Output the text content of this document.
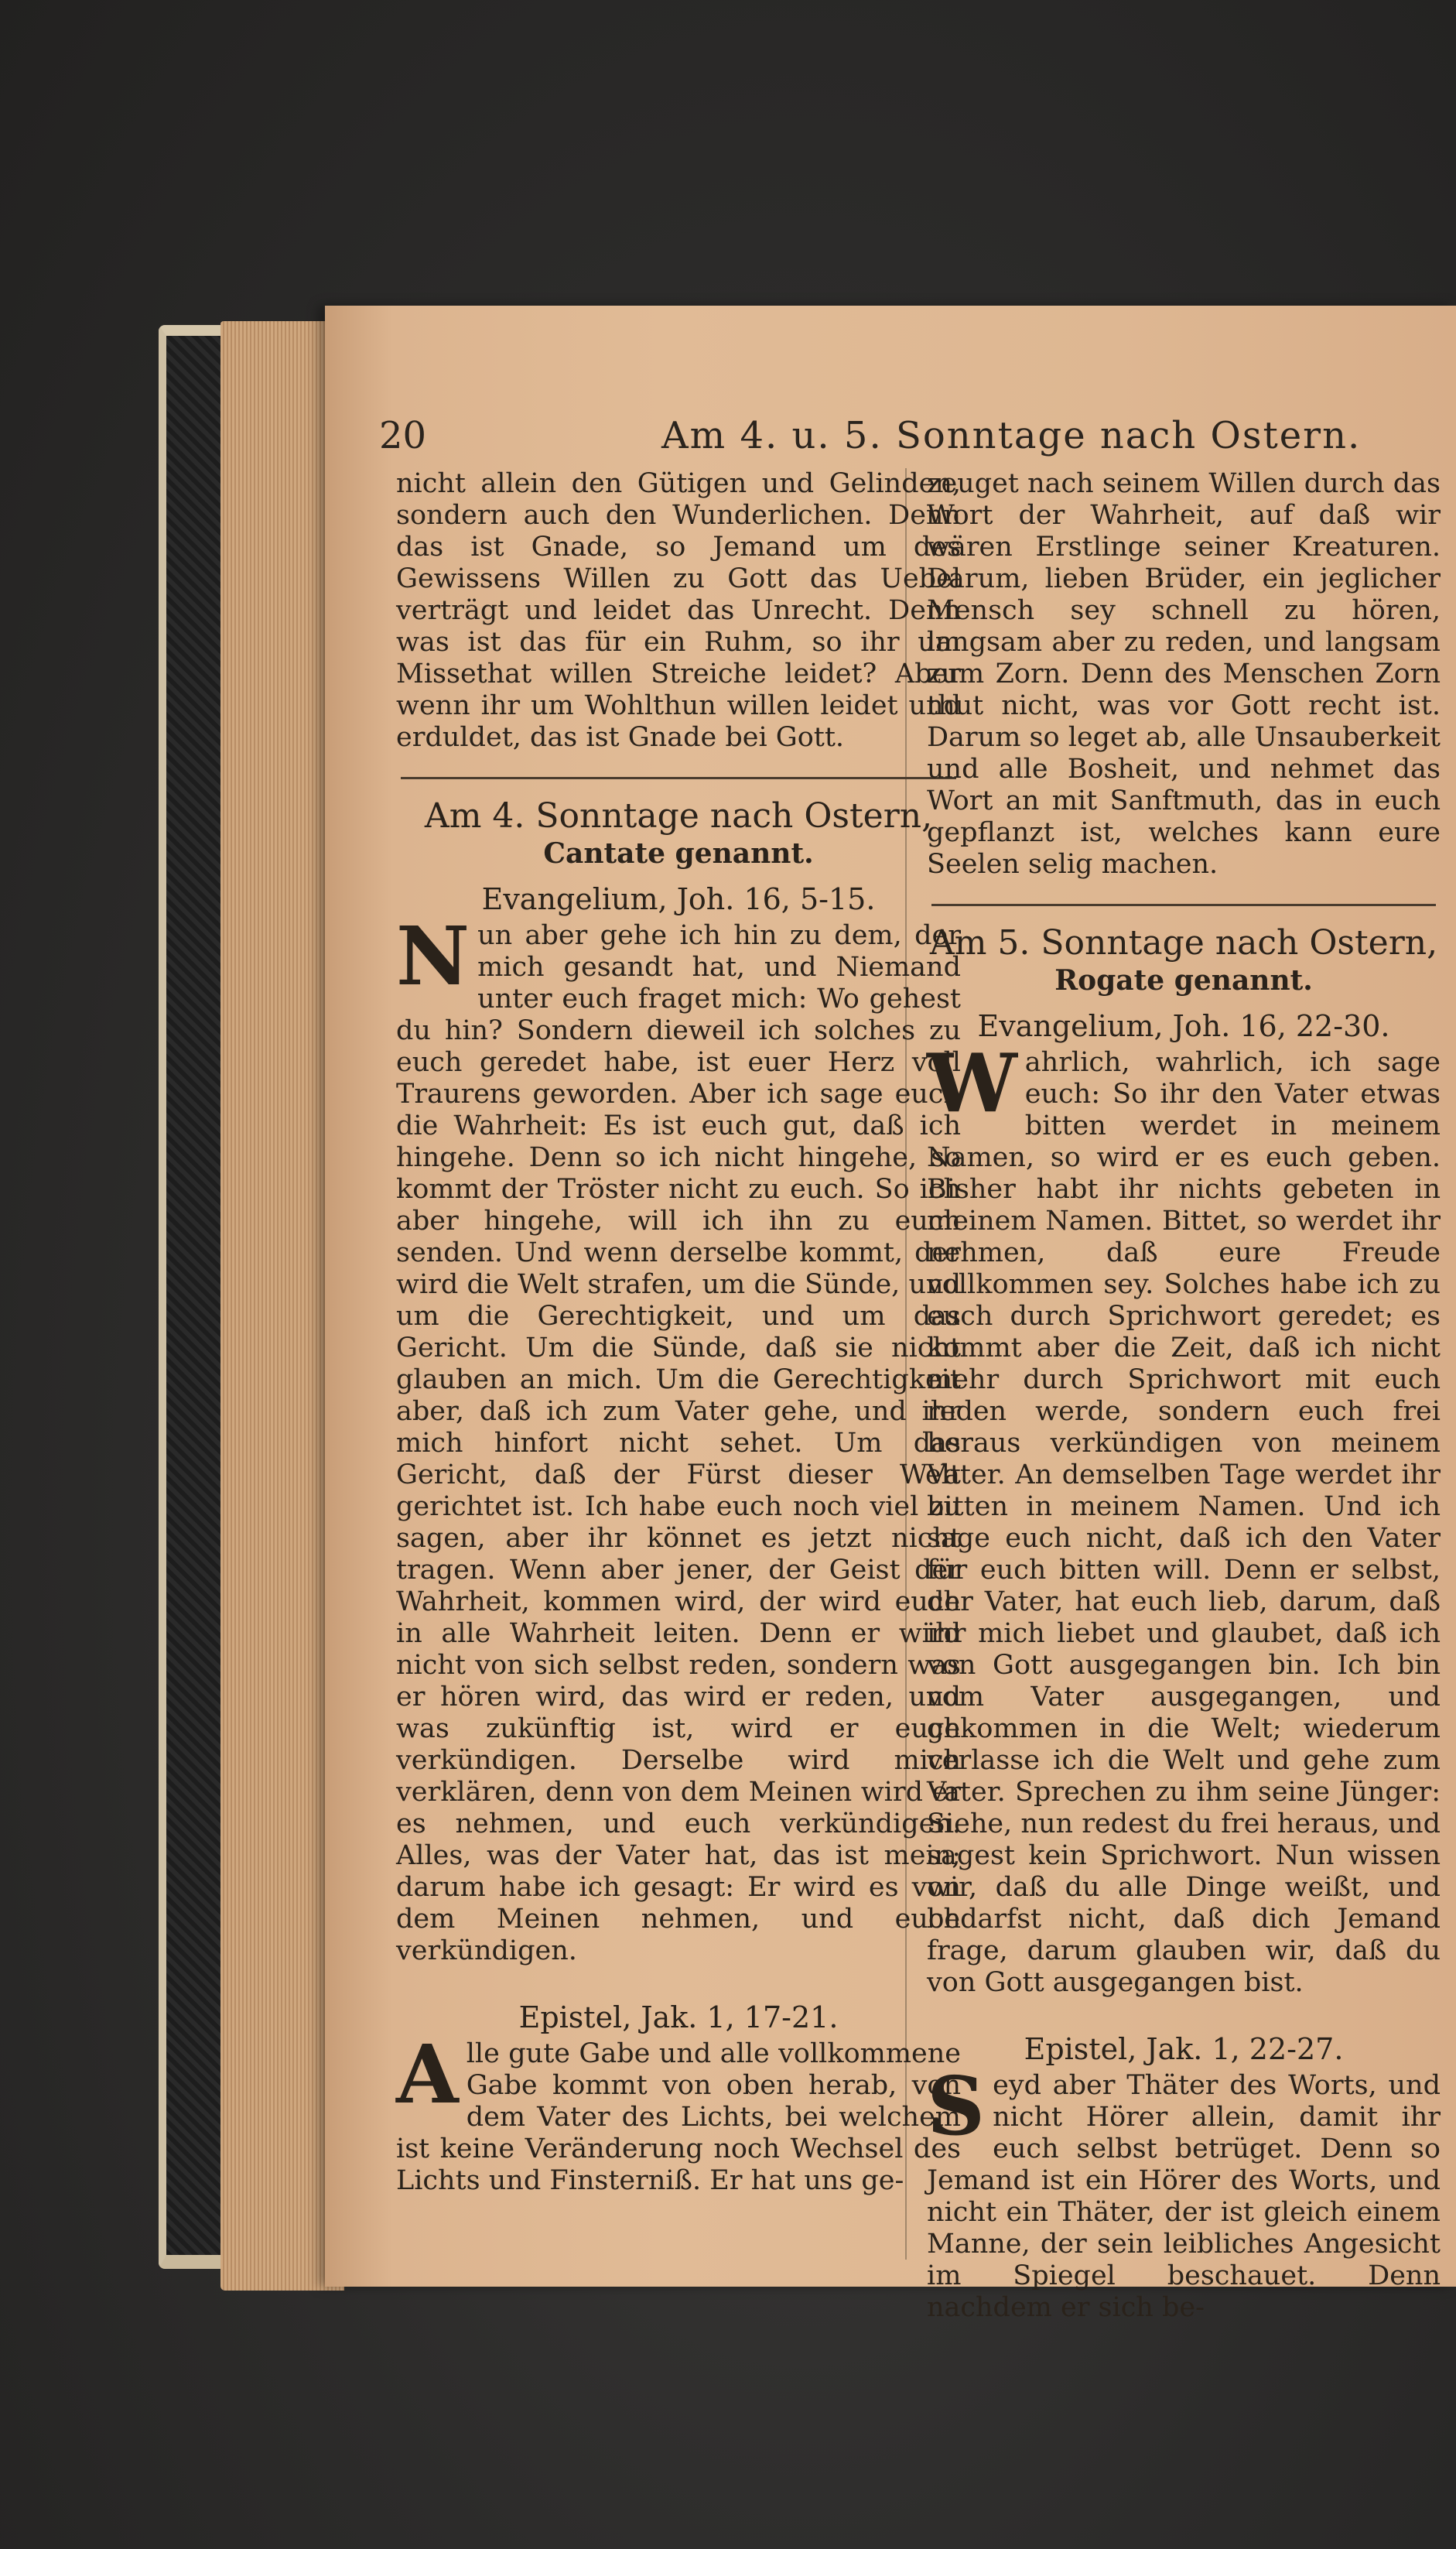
20	Am 4. u. 5. Sonntage nach Ostern.

nicht allein den Gütigen und Gelinden, sondern auch den Wunderlichen. Denn das ist Gnade, so Jemand um des Gewissens Willen zu Gott das Uebel verträgt und leidet das Unrecht. Denn was ist das für ein Ruhm, so ihr um Missethat willen Streiche leidet? Aber wenn ihr um Wohlthun willen leidet und erduldet, das ist Gnade bei Gott.

Am 4. Sonntage nach Ostern,
Cantate genannt.
Evangelium, Joh. 16, 5-15.

Nun aber gehe ich hin zu dem, der mich gesandt hat, und Niemand unter euch fraget mich: Wo gehest du hin? Sondern dieweil ich solches zu euch geredet habe, ist euer Herz voll Traurens geworden. Aber ich sage euch die Wahrheit: Es ist euch gut, daß ich hingehe. Denn so ich nicht hingehe, so kommt der Tröster nicht zu euch. So ich aber hingehe, will ich ihn zu euch senden. Und wenn derselbe kommt, der wird die Welt strafen, um die Sünde, und um die Gerechtigkeit, und um das Gericht. Um die Sünde, daß sie nicht glauben an mich. Um die Gerechtigkeit aber, daß ich zum Vater gehe, und ihr mich hinfort nicht sehet. Um das Gericht, daß der Fürst dieser Welt gerichtet ist. Ich habe euch noch viel zu sagen, aber ihr könnet es jetzt nicht tragen. Wenn aber jener, der Geist der Wahrheit, kommen wird, der wird euch in alle Wahrheit leiten. Denn er wird nicht von sich selbst reden, sondern was er hören wird, das wird er reden, und was zukünftig ist, wird er euch verkündigen. Derselbe wird mich verklären, denn von dem Meinen wird er es nehmen, und euch verkündigen. Alles, was der Vater hat, das ist mein; darum habe ich gesagt: Er wird es von dem Meinen nehmen, und euch verkündigen.

Epistel, Jak. 1, 17-21.

Alle gute Gabe und alle vollkommene Gabe kommt von oben herab, von dem Vater des Lichts, bei welchem ist keine Veränderung noch Wechsel des Lichts und Finsterniß. Er hat uns ge-

zeuget nach seinem Willen durch das Wort der Wahrheit, auf daß wir wären Erstlinge seiner Kreaturen. Darum, lieben Brüder, ein jeglicher Mensch sey schnell zu hören, langsam aber zu reden, und langsam zum Zorn. Denn des Menschen Zorn thut nicht, was vor Gott recht ist. Darum so leget ab, alle Unsauberkeit und alle Bosheit, und nehmet das Wort an mit Sanftmuth, das in euch gepflanzt ist, welches kann eure Seelen selig machen.

Am 5. Sonntage nach Ostern,
Rogate genannt.
Evangelium, Joh. 16, 22-30.

Wahrlich, wahrlich, ich sage euch: So ihr den Vater etwas bitten werdet in meinem Namen, so wird er es euch geben. Bisher habt ihr nichts gebeten in meinem Namen. Bittet, so werdet ihr nehmen, daß eure Freude vollkommen sey. Solches habe ich zu euch durch Sprichwort geredet; es kommt aber die Zeit, daß ich nicht mehr durch Sprichwort mit euch reden werde, sondern euch frei heraus verkündigen von meinem Vater. An demselben Tage werdet ihr bitten in meinem Namen. Und ich sage euch nicht, daß ich den Vater für euch bitten will. Denn er selbst, der Vater, hat euch lieb, darum, daß ihr mich liebet und glaubet, daß ich von Gott ausgegangen bin. Ich bin vom Vater ausgegangen, und gekommen in die Welt; wiederum verlasse ich die Welt und gehe zum Vater. Sprechen zu ihm seine Jünger: Siehe, nun redest du frei heraus, und sagest kein Sprichwort. Nun wissen wir, daß du alle Dinge weißt, und bedarfst nicht, daß dich Jemand frage, darum glauben wir, daß du von Gott ausgegangen bist.

Epistel, Jak. 1, 22-27.

Seyd aber Thäter des Worts, und nicht Hörer allein, damit ihr euch selbst betrüget. Denn so Jemand ist ein Hörer des Worts, und nicht ein Thäter, der ist gleich einem Manne, der sein leibliches Angesicht im Spiegel beschauet. Denn nachdem er sich be-
